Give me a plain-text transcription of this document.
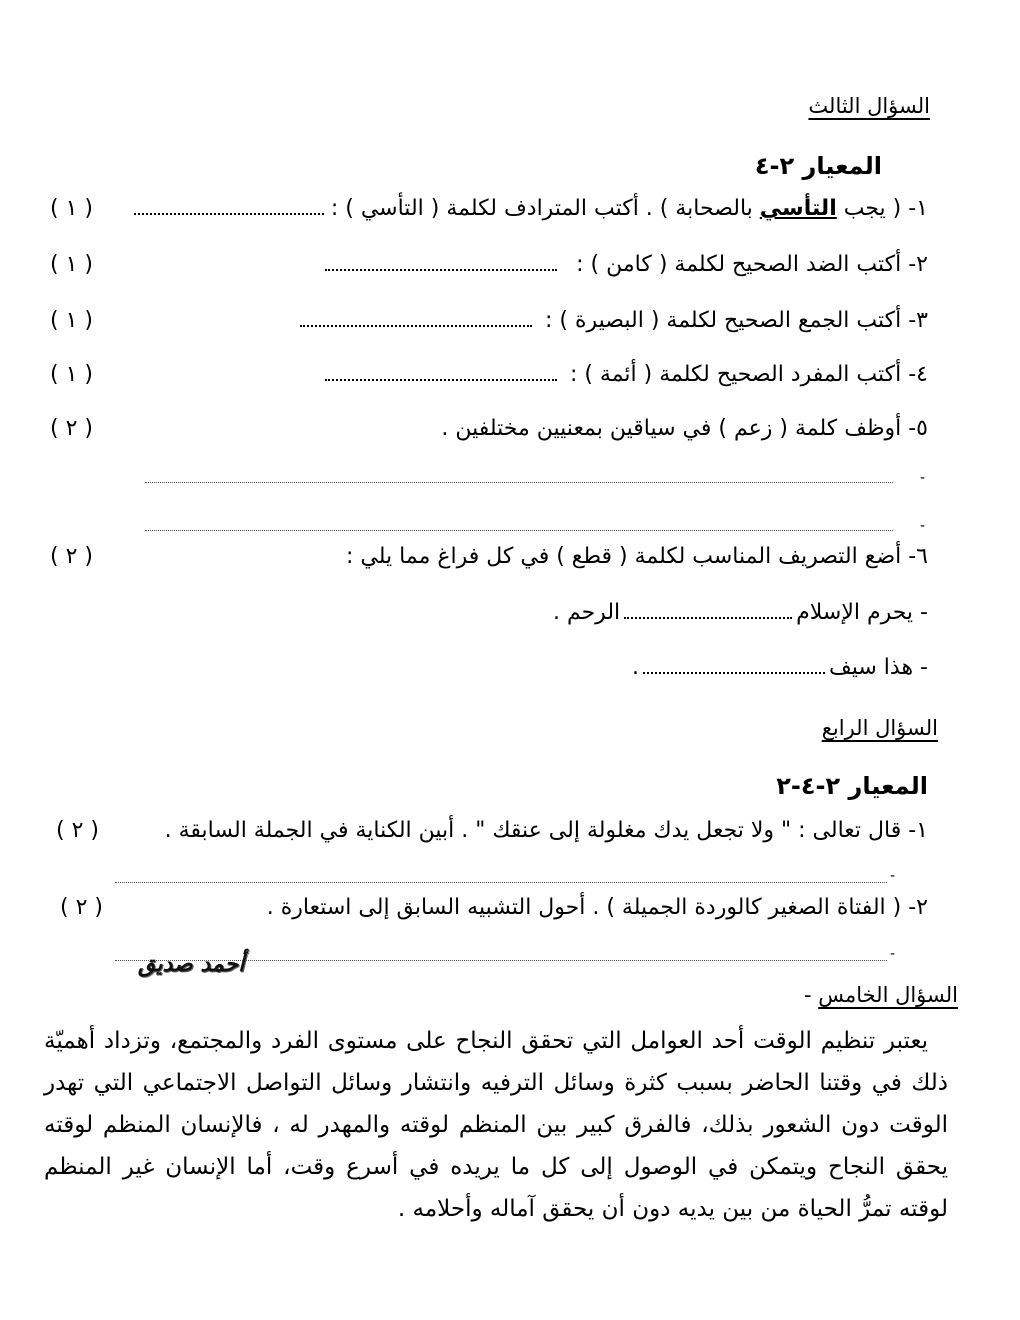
السؤال الثالث
المعيار ٢-٤
١- ( يجب التأسي بالصحابة ) . أكتب المترادف لكلمة ( التأسي ) :
( ١ )
٢- أكتب الضد الصحيح لكلمة ( كامن ) :
( ١ )
٣- أكتب الجمع الصحيح لكلمة ( البصيرة ) :
( ١ )
٤- أكتب المفرد الصحيح لكلمة ( أئمة ) :
( ١ )
٥- أوظف كلمة ( زعم ) في سياقين بمعنيين مختلفين .
( ٢ )
-
-
٦- أضع التصريف المناسب لكلمة ( قطع ) في كل فراغ مما يلي :
( ٢ )
- يحرم الإسلامالرحم .
- هذا سيف.
السؤال الرابع
المعيار ٢-٤-٢
١- قال تعالى : " ولا تجعل يدك مغلولة إلى عنقك " . أبين الكناية في الجملة السابقة .
( ٢ )
-
٢- ( الفتاة الصغير كالوردة الجميلة ) . أحول التشبيه السابق إلى استعارة .
( ٢ )
-
السؤال الخامس -
يعتبر تنظيم الوقت أحد العوامل التي تحقق النجاح على مستوى الفرد والمجتمع، وتزداد أهميّة ذلك في وقتنا الحاضر بسبب كثرة وسائل الترفيه وانتشار وسائل التواصل الاجتماعي التي تهدر الوقت دون الشعور بذلك، فالفرق كبير بين المنظم لوقته والمهدر له ، فالإنسان المنظم لوقته يحقق النجاح ويتمكن في الوصول إلى كل ما يريده في أسرع وقت، أما الإنسان غير المنظم لوقته تمرُّ الحياة من بين يديه دون أن يحقق آماله وأحلامه .
أحمد صديق
